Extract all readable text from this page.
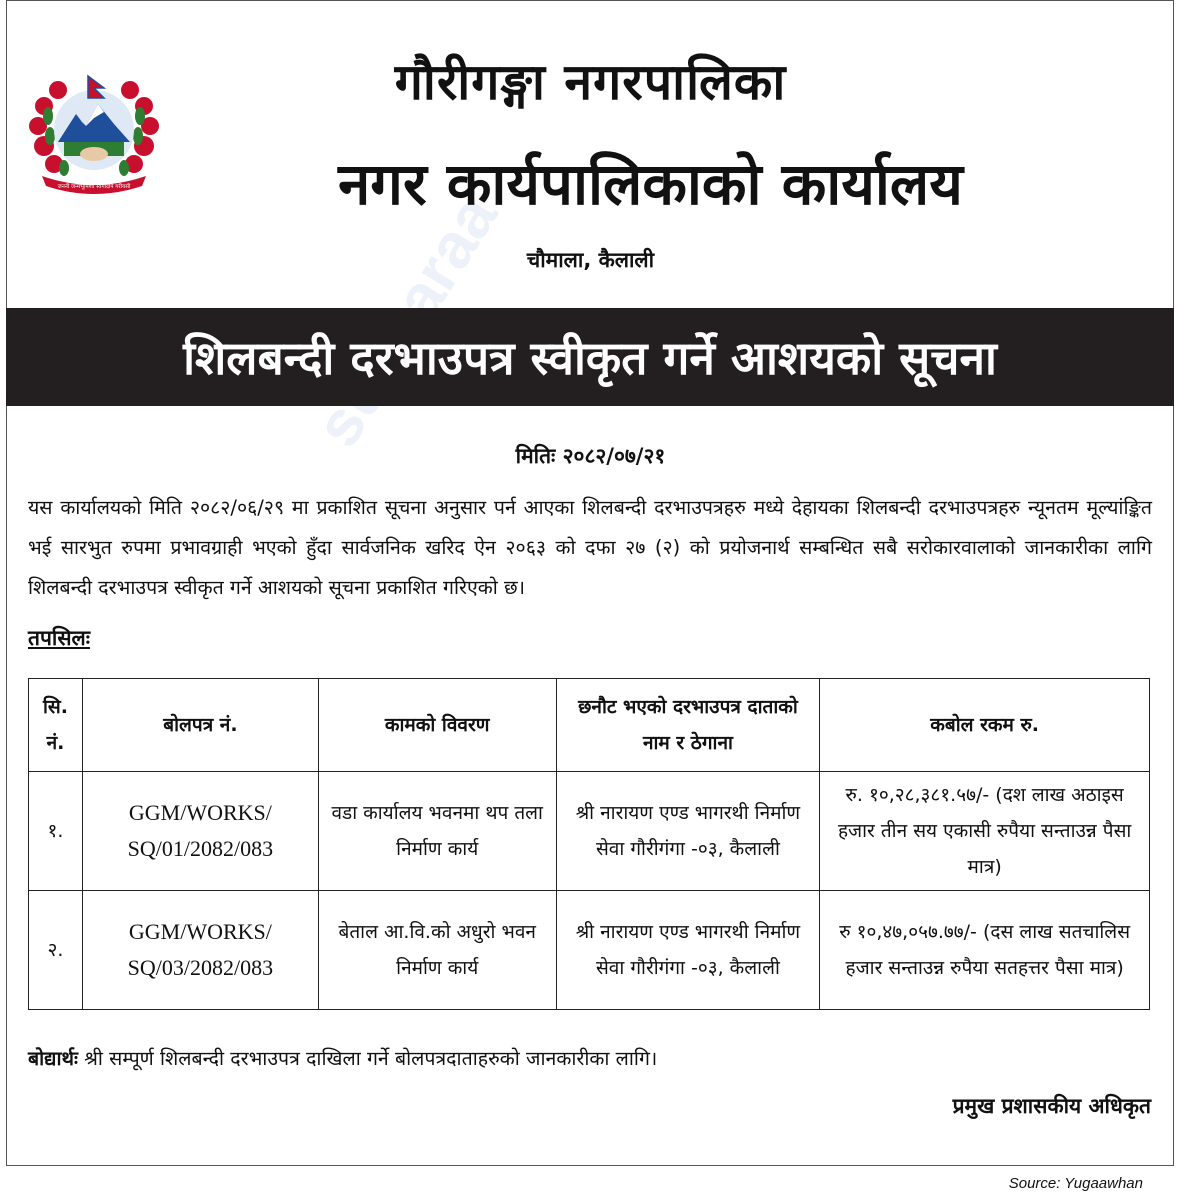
जननी जन्मभूमिश्च स्वर्गादपि गरीयसी
गौरीगङ्गा नगरपालिका
नगर कार्यपालिकाको कार्यालय
चौमाला, कैलाली
शिलबन्दी दरभाउपत्र स्वीकृत गर्ने आशयको सूचना
मितिः २०८२/०७/२१
यस कार्यालयको मिति २०८२/०६/२९ मा प्रकाशित सूचना अनुसार पर्न आएका शिलबन्दी दरभाउपत्रहरु मध्ये देहायका शिलबन्दी दरभाउपत्रहरु न्यूनतम मूल्यांङ्कित भई सारभुत रुपमा प्रभावग्राही भएको हुँदा सार्वजनिक खरिद ऐन २०६३ को दफा २७ (२) को प्रयोजनार्थ सम्बन्धित सबै सरोकारवालाको जानकारीका लागि शिलबन्दी दरभाउपत्र स्वीकृत गर्ने आशयको सूचना प्रकाशित गरिएको छ।
तपसिलः
सि. नं.	बोलपत्र नं.	कामको विवरण	छनौट भएको दरभाउपत्र दाताको नाम र ठेगाना	कबोल रकम रु.
१.	GGM/WORKS/ SQ/01/2082/083	वडा कार्यालय भवनमा थप तला निर्माण कार्य	श्री नारायण एण्ड भागरथी निर्माण सेवा गौरीगंगा -०३, कैलाली	रु. १०,२८,३८१.५७/- (दश लाख अठाइस हजार तीन सय एकासी रुपैया सन्ताउन्न पैसा मात्र)
२.	GGM/WORKS/ SQ/03/2082/083	बेताल आ.वि.को अधुरो भवन निर्माण कार्य	श्री नारायण एण्ड भागरथी निर्माण सेवा गौरीगंगा -०३, कैलाली	रु १०,४७,०५७.७७/- (दस लाख सतचालिस हजार सन्ताउन्न रुपैया सतहत्तर पैसा मात्र)
बोद्यार्थः श्री सम्पूर्ण शिलबन्दी दरभाउपत्र दाखिला गर्ने बोलपत्रदाताहरुको जानकारीका लागि।
प्रमुख प्रशासकीय अधिकृत
Source: Yugaawhan
